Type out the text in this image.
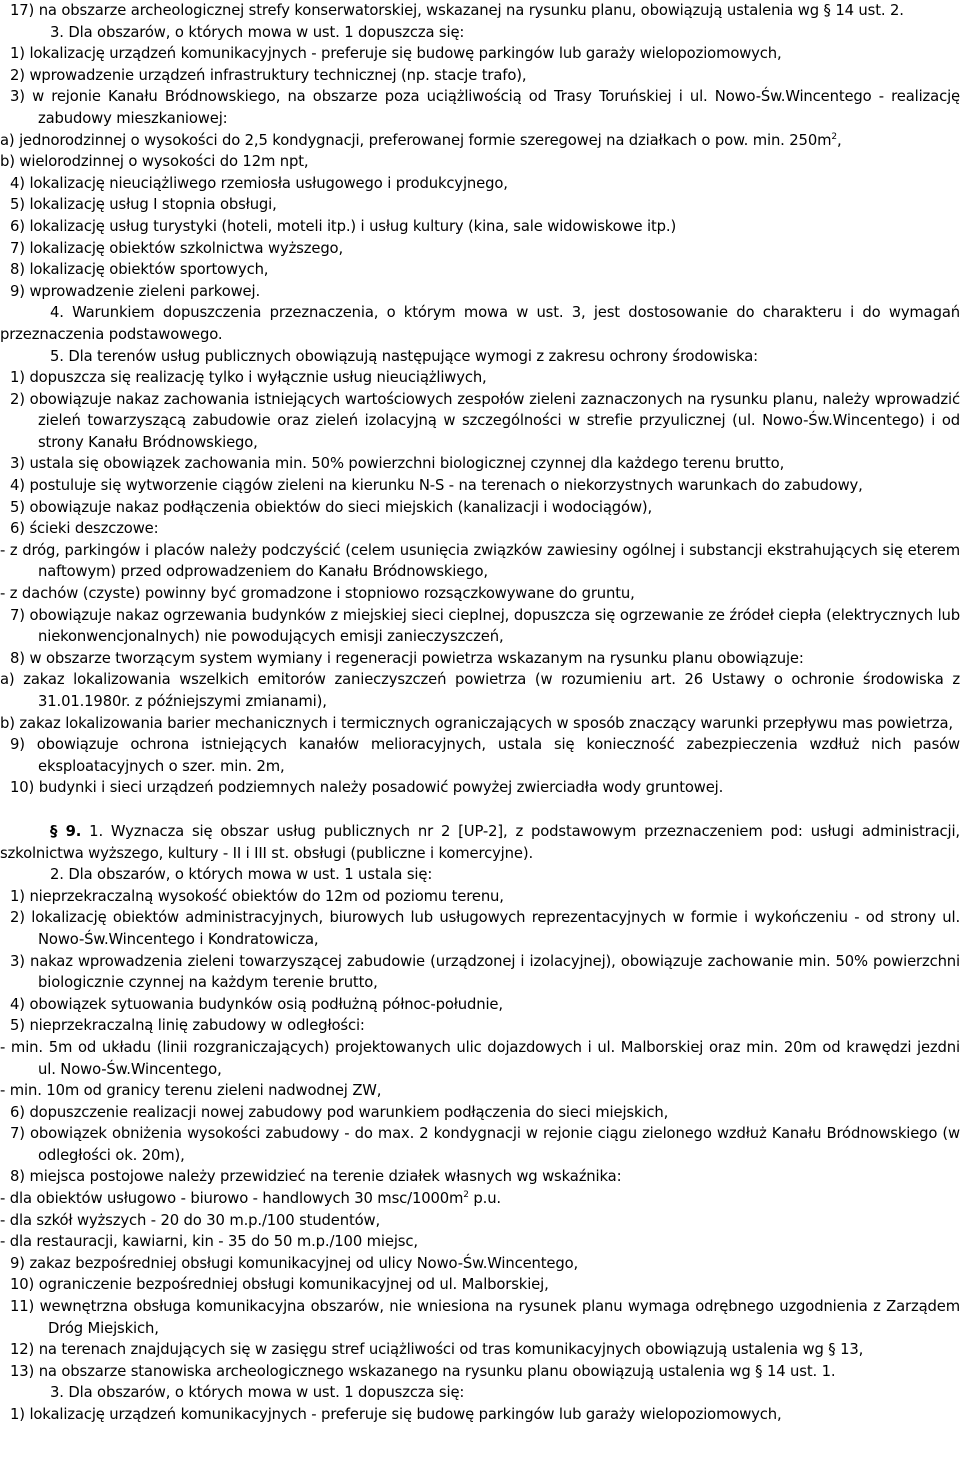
17) na obszarze archeologicznej strefy konserwatorskiej, wskazanej na rysunku planu, obowiązują ustalenia wg § 14 ust. 2.

3. Dla obszarów, o których mowa w ust. 1 dopuszcza się:

1) lokalizację urządzeń komunikacyjnych - preferuje się budowę parkingów lub garaży wielopoziomowych,

2) wprowadzenie urządzeń infrastruktury technicznej (np. stacje trafo),

3) w rejonie Kanału Bródnowskiego, na obszarze poza uciążliwością od Trasy Toruńskiej i ul. Nowo-Św.Wincentego - realizację zabudowy mieszkaniowej:

a) jednorodzinnej o wysokości do 2,5 kondygnacji, preferowanej formie szeregowej na działkach o pow. min. $250m^2$,

b) wielorodzinnej o wysokości do 12m npt,

4) lokalizację nieuciążliwego rzemiosła usługowego i produkcyjnego,

5) lokalizację usług I stopnia obsługi,

6) lokalizację usług turystyki (hoteli, moteli itp.) i usług kultury (kina, sale widowiskowe itp.)

7) lokalizację obiektów szkolnictwa wyższego,

8) lokalizację obiektów sportowych,

9) wprowadzenie zieleni parkowej.

4. Warunkiem dopuszczenia przeznaczenia, o którym mowa w ust. 3, jest dostosowanie do charakteru i do wymagań przeznaczenia podstawowego.

5. Dla terenów usług publicznych obowiązują następujące wymogi z zakresu ochrony środowiska:

1) dopuszcza się realizację tylko i wyłącznie usług nieuciążliwych,

2) obowiązuje nakaz zachowania istniejących wartościowych zespołów zieleni zaznaczonych na rysunku planu, należy wprowadzić zieleń towarzyszącą zabudowie oraz zieleń izolacyjną w szczególności w strefie przyulicznej (ul. Nowo-Św.Wincentego) i od strony Kanału Bródnowskiego,

3) ustala się obowiązek zachowania min. 50% powierzchni biologicznej czynnej dla każdego terenu brutto,

4) postuluje się wytworzenie ciągów zieleni na kierunku N-S - na terenach o niekorzystnych warunkach do zabudowy,

5) obowiązuje nakaz podłączenia obiektów do sieci miejskich (kanalizacji i wodociągów),

6) ścieki deszczowe:

- z dróg, parkingów i placów należy podczyścić (celem usunięcia związków zawiesiny ogólnej i substancji ekstrahujących się eterem naftowym) przed odprowadzeniem do Kanału Bródnowskiego,

- z dachów (czyste) powinny być gromadzone i stopniowo rozsączkowywane do gruntu,

7) obowiązuje nakaz ogrzewania budynków z miejskiej sieci cieplnej, dopuszcza się ogrzewanie ze źródeł ciepła (elektrycznych lub niekonwencjonalnych) nie powodujących emisji zanieczyszczeń,

8) w obszarze tworzącym system wymiany i regeneracji powietrza wskazanym na rysunku planu obowiązuje:

a) zakaz lokalizowania wszelkich emitorów zanieczyszczeń powietrza (w rozumieniu art. 26 Ustawy o ochronie środowiska z 31.01.1980r. z późniejszymi zmianami),

b) zakaz lokalizowania barier mechanicznych i termicznych ograniczających w sposób znaczący warunki przepływu mas powietrza,

9) obowiązuje ochrona istniejących kanałów melioracyjnych, ustala się konieczność zabezpieczenia wzdłuż nich pasów eksploatacyjnych o szer. min. 2m,

10) budynki i sieci urządzeń podziemnych należy posadowić powyżej zwierciadła wody gruntowej.

§ 9. 1. Wyznacza się obszar usług publicznych nr 2 [UP-2], z podstawowym przeznaczeniem pod: usługi administracji, szkolnictwa wyższego, kultury - II i III st. obsługi (publiczne i komercyjne).

2. Dla obszarów, o których mowa w ust. 1 ustala się:

1) nieprzekraczalną wysokość obiektów do 12m od poziomu terenu,

2) lokalizację obiektów administracyjnych, biurowych lub usługowych reprezentacyjnych w formie i wykończeniu - od strony ul. Nowo-Św.Wincentego i Kondratowicza,

3) nakaz wprowadzenia zieleni towarzyszącej zabudowie (urządzonej i izolacyjnej), obowiązuje zachowanie min. 50% powierzchni biologicznie czynnej na każdym terenie brutto,

4) obowiązek sytuowania budynków osią podłużną północ-południe,

5) nieprzekraczalną linię zabudowy w odległości:

- min. 5m od układu (linii rozgraniczających) projektowanych ulic dojazdowych i ul. Malborskiej oraz min. 20m od krawędzi jezdni ul. Nowo-Św.Wincentego,

- min. 10m od granicy terenu zieleni nadwodnej ZW,

6) dopuszczenie realizacji nowej zabudowy pod warunkiem podłączenia do sieci miejskich,

7) obowiązek obniżenia wysokości zabudowy - do max. 2 kondygnacji w rejonie ciągu zielonego wzdłuż Kanału Bródnowskiego (w odległości ok. 20m),

8) miejsca postojowe należy przewidzieć na terenie działek własnych wg wskaźnika:

- dla obiektów usługowo - biurowo - handlowych 30 msc/$1000m^2$ p.u.

- dla szkół wyższych - 20 do 30 m.p./100 studentów,

- dla restauracji, kawiarni, kin - 35 do 50 m.p./100 miejsc,

9) zakaz bezpośredniej obsługi komunikacyjnej od ulicy Nowo-Św.Wincentego,

10) ograniczenie bezpośredniej obsługi komunikacyjnej od ul. Malborskiej,

11) wewnętrzna obsługa komunikacyjna obszarów, nie wniesiona na rysunek planu wymaga odrębnego uzgodnienia z Zarządem Dróg Miejskich,

12) na terenach znajdujących się w zasięgu stref uciążliwości od tras komunikacyjnych obowiązują ustalenia wg § 13,

13) na obszarze stanowiska archeologicznego wskazanego na rysunku planu obowiązują ustalenia wg § 14 ust. 1.

3. Dla obszarów, o których mowa w ust. 1 dopuszcza się:

1) lokalizację urządzeń komunikacyjnych - preferuje się budowę parkingów lub garaży wielopoziomowych,
